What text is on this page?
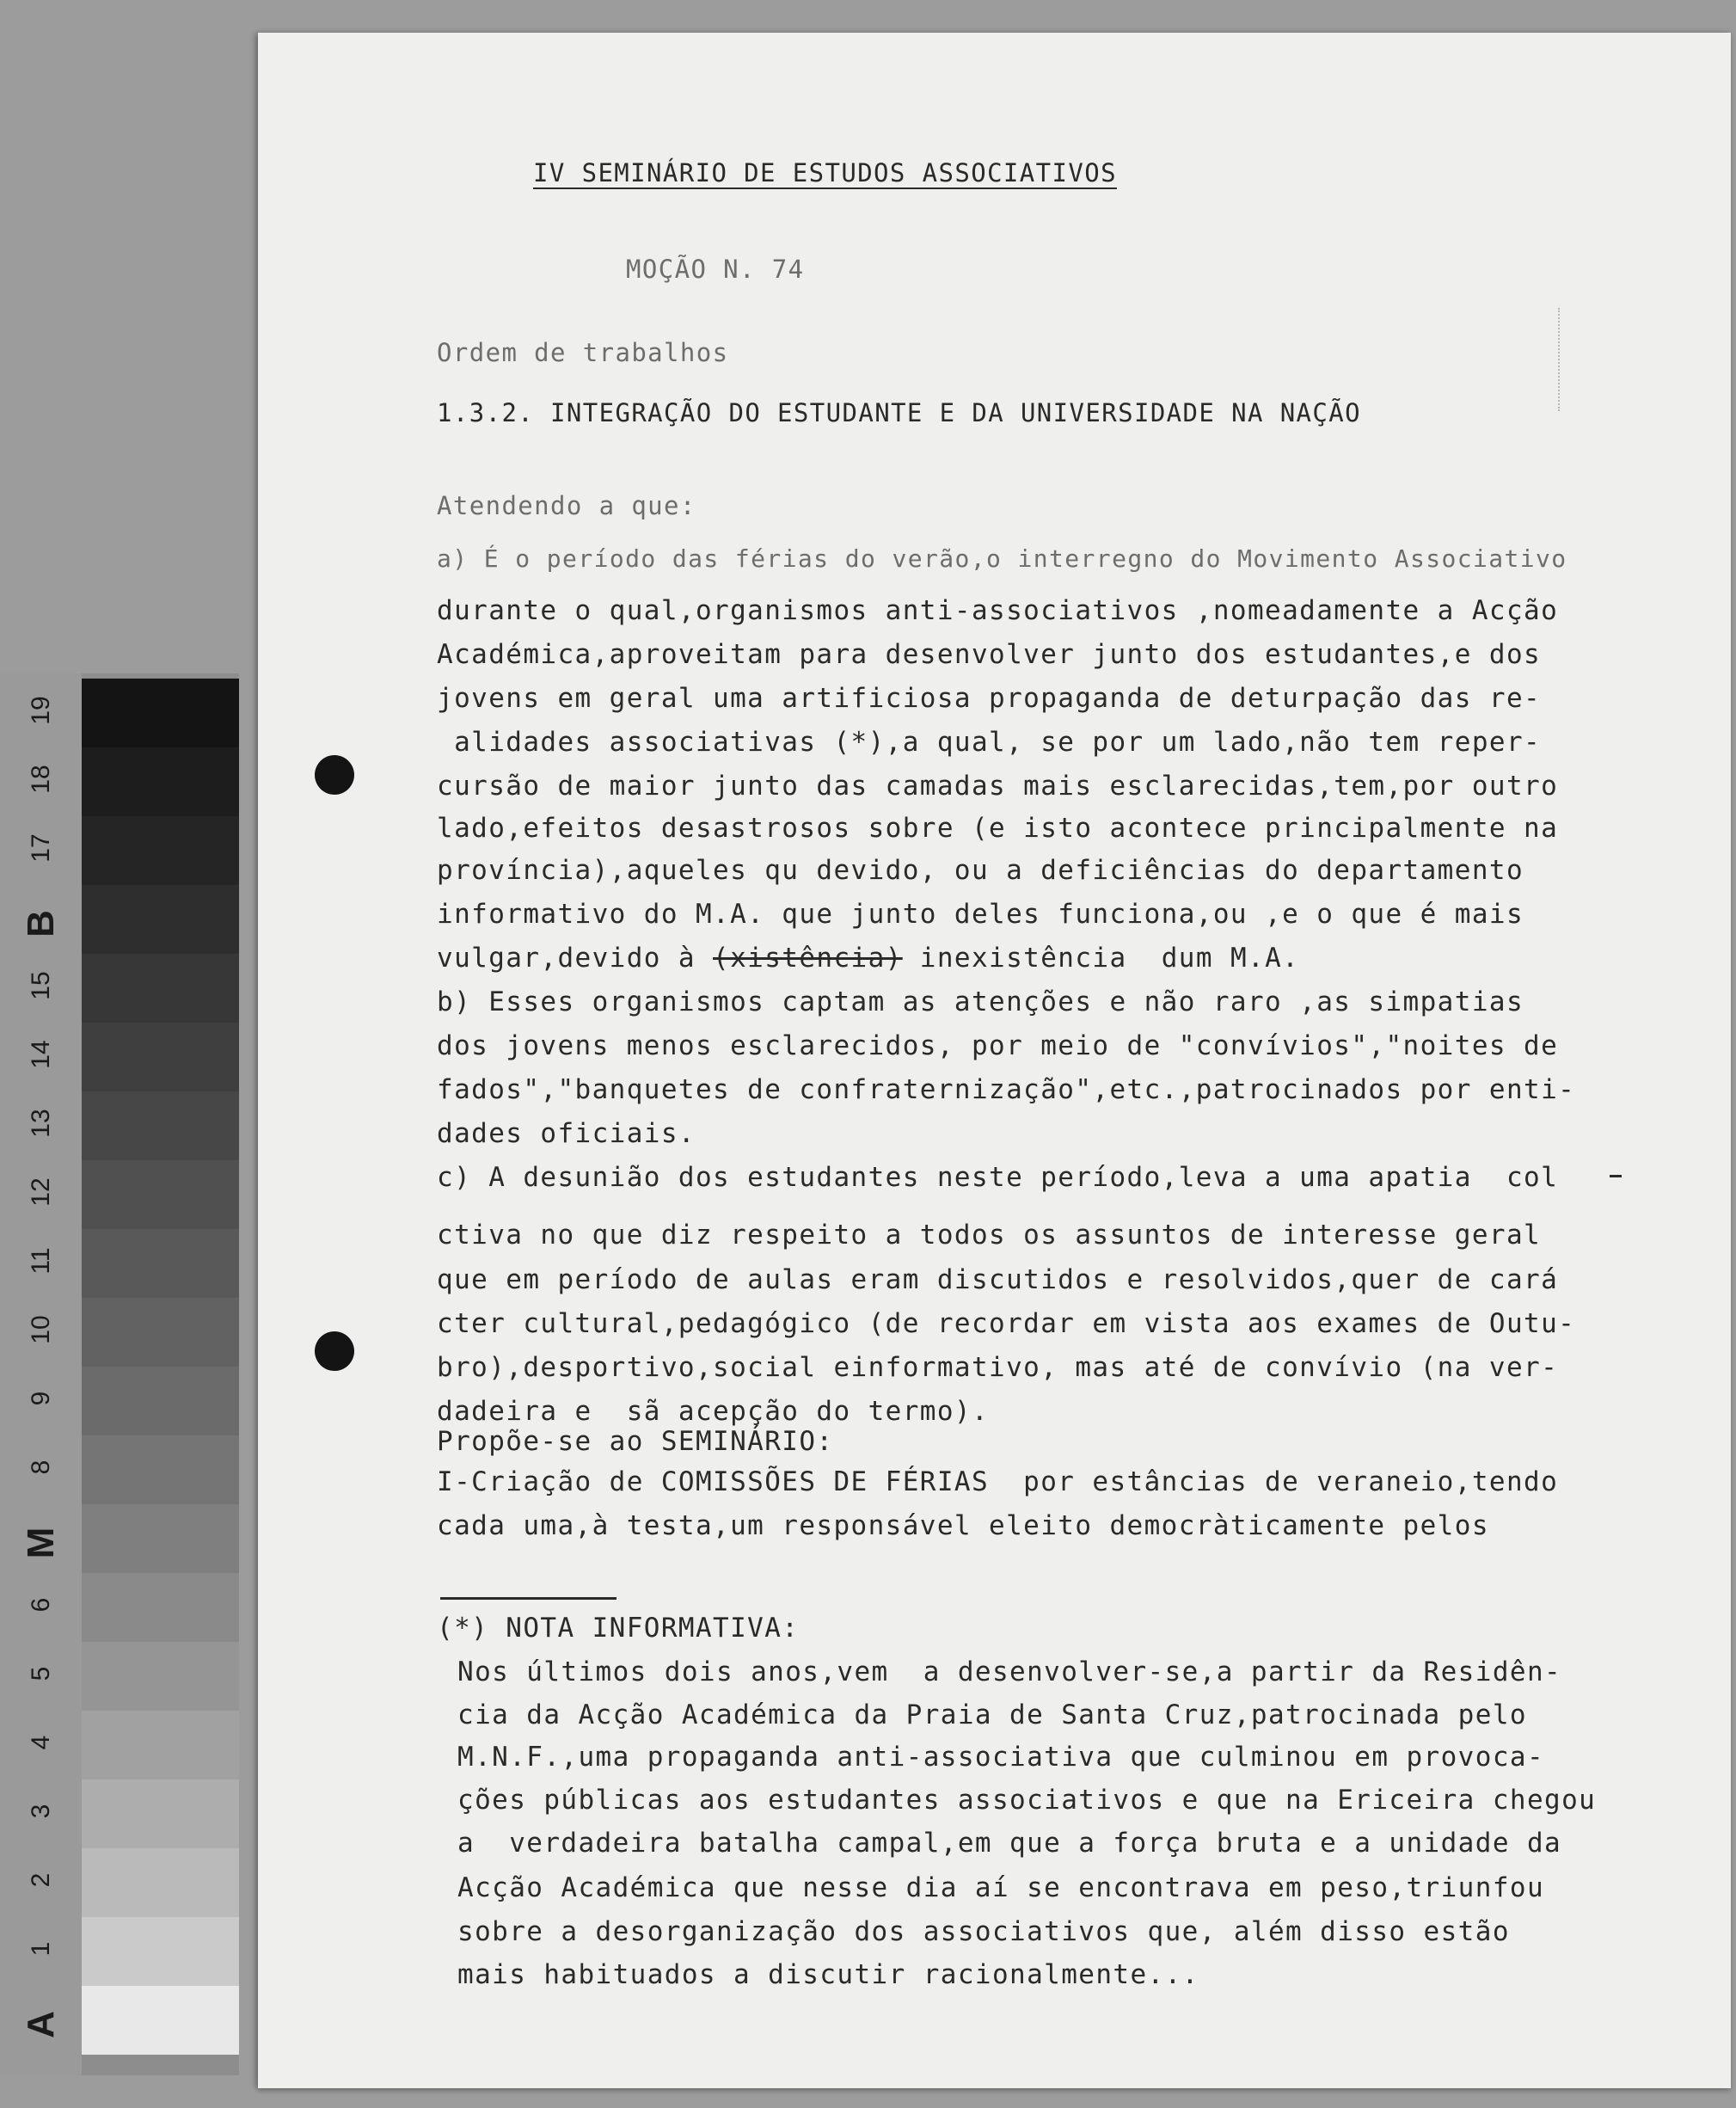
IV SEMINÁRIO DE ESTUDOS ASSOCIATIVOS
MOÇÃO N. 74
Ordem de trabalhos
1.3.2. INTEGRAÇÃO DO ESTUDANTE E DA UNIVERSIDADE NA NAÇÃO
Atendendo a que:
a) É o período das férias do verão,o interregno do Movimento Associativo
durante o qual,organismos anti-associativos ,nomeadamente a Acção
Académica,aproveitam para desenvolver junto dos estudantes,e dos
jovens em geral uma artificiosa propaganda de deturpação das re-
alidades associativas (*),a qual, se por um lado,não tem reper-
cursão de maior junto das camadas mais esclarecidas,tem,por outro
lado,efeitos desastrosos sobre (e isto acontece principalmente na
província),aqueles qu devido, ou a deficiências do departamento
informativo do M.A. que junto deles funciona,ou ,e o que é mais
vulgar,devido à (xistência) inexistência  dum M.A.
b) Esses organismos captam as atenções e não raro ,as simpatias
dos jovens menos esclarecidos, por meio de "convívios","noites de
fados","banquetes de confraternização",etc.,patrocinados por enti-
dades oficiais.
c) A desunião dos estudantes neste período,leva a uma apatia  col
ctiva no que diz respeito a todos os assuntos de interesse geral
que em período de aulas eram discutidos e resolvidos,quer de cará
cter cultural,pedagógico (de recordar em vista aos exames de Outu-
bro),desportivo,social einformativo, mas até de convívio (na ver-
dadeira e  sã acepção do termo).
Propõe-se ao SEMINÁRIO:
I-Criação de COMISSÕES DE FÉRIAS  por estâncias de veraneio,tendo
cada uma,à testa,um responsável eleito democràticamente pelos
(*) NOTA INFORMATIVA:
Nos últimos dois anos,vem  a desenvolver-se,a partir da Residên-
cia da Acção Académica da Praia de Santa Cruz,patrocinada pelo
M.N.F.,uma propaganda anti-associativa que culminou em provoca-
ções públicas aos estudantes associativos e que na Ericeira chegou
a  verdadeira batalha campal,em que a força bruta e a unidade da
Acção Académica que nesse dia aí se encontrava em peso,triunfou
sobre a desorganização dos associativos que, além disso estão
mais habituados a discutir racionalmente...
19
18
17
B
15
14
13
12
11
10
9
8
M
6
5
4
3
2
1
A
